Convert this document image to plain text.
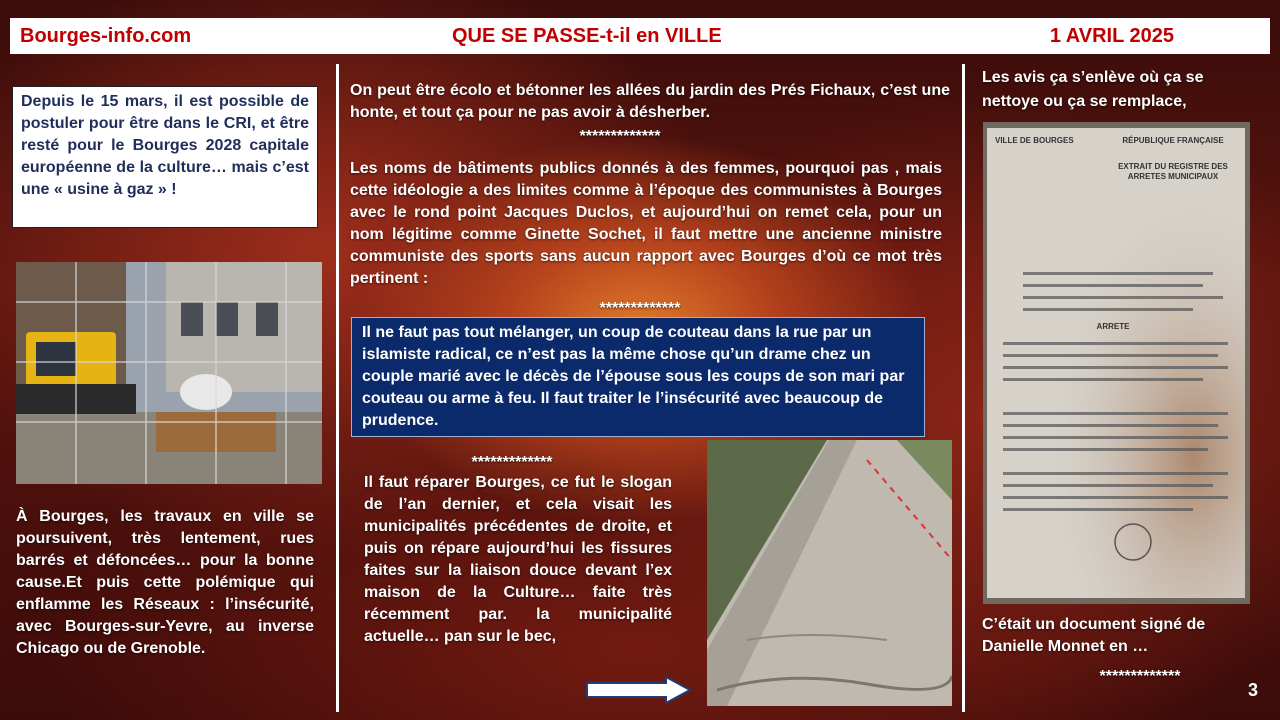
Bourges-info.com	QUE SE PASSE-t-il en VILLE	1 AVRIL 2025
Depuis le 15 mars, il est possible de postuler pour être dans le CRI, et être resté pour le Bourges 2028 capitale européenne de la culture… mais c’est une « usine à gaz » !
À Bourges, les travaux en ville se poursuivent, très lentement, rues barrés et défoncées… pour la bonne cause.Et puis cette polémique qui enflamme les Réseaux : l’insécurité, avec Bourges-sur-Yevre, au inverse Chicago ou de Grenoble.
On peut être écolo et bétonner les allées du jardin des Prés Fichaux, c’est une honte, et tout ça pour ne pas avoir à désherber.
*************
Les noms de bâtiments publics donnés à des femmes, pourquoi pas , mais cette idéologie a des limites comme à l’époque des communistes à Bourges avec le rond point Jacques Duclos, et aujourd’hui on remet cela, pour un nom légitime comme Ginette Sochet, il faut mettre une ancienne ministre communiste des sports sans aucun rapport avec Bourges d’où ce mot très pertinent :
*************
Il ne faut pas tout mélanger, un coup de couteau dans la rue par un islamiste radical, ce n’est pas la même chose qu’un drame chez un couple marié avec le décès de l’épouse sous les coups de son mari par couteau ou arme à feu. Il faut traiter le l’insécurité avec beaucoup de prudence.
*************
Il faut réparer Bourges, ce fut le slogan de l’an dernier, et cela visait les municipalités précédentes de droite, et puis on répare aujourd’hui les fissures faites sur la liaison douce devant l’ex maison de la Culture… faite très récemment par. la municipalité actuelle… pan sur le bec,
Les avis ça s’enlève où ça se nettoye ou ça se remplace,
VILLE DE BOURGES	RÉPUBLIQUE FRANÇAISE
EXTRAIT DU REGISTRE DES ARRETES MUNICIPAUX
ARRETE
C’était un document signé de Danielle Monnet en …
*************
3
